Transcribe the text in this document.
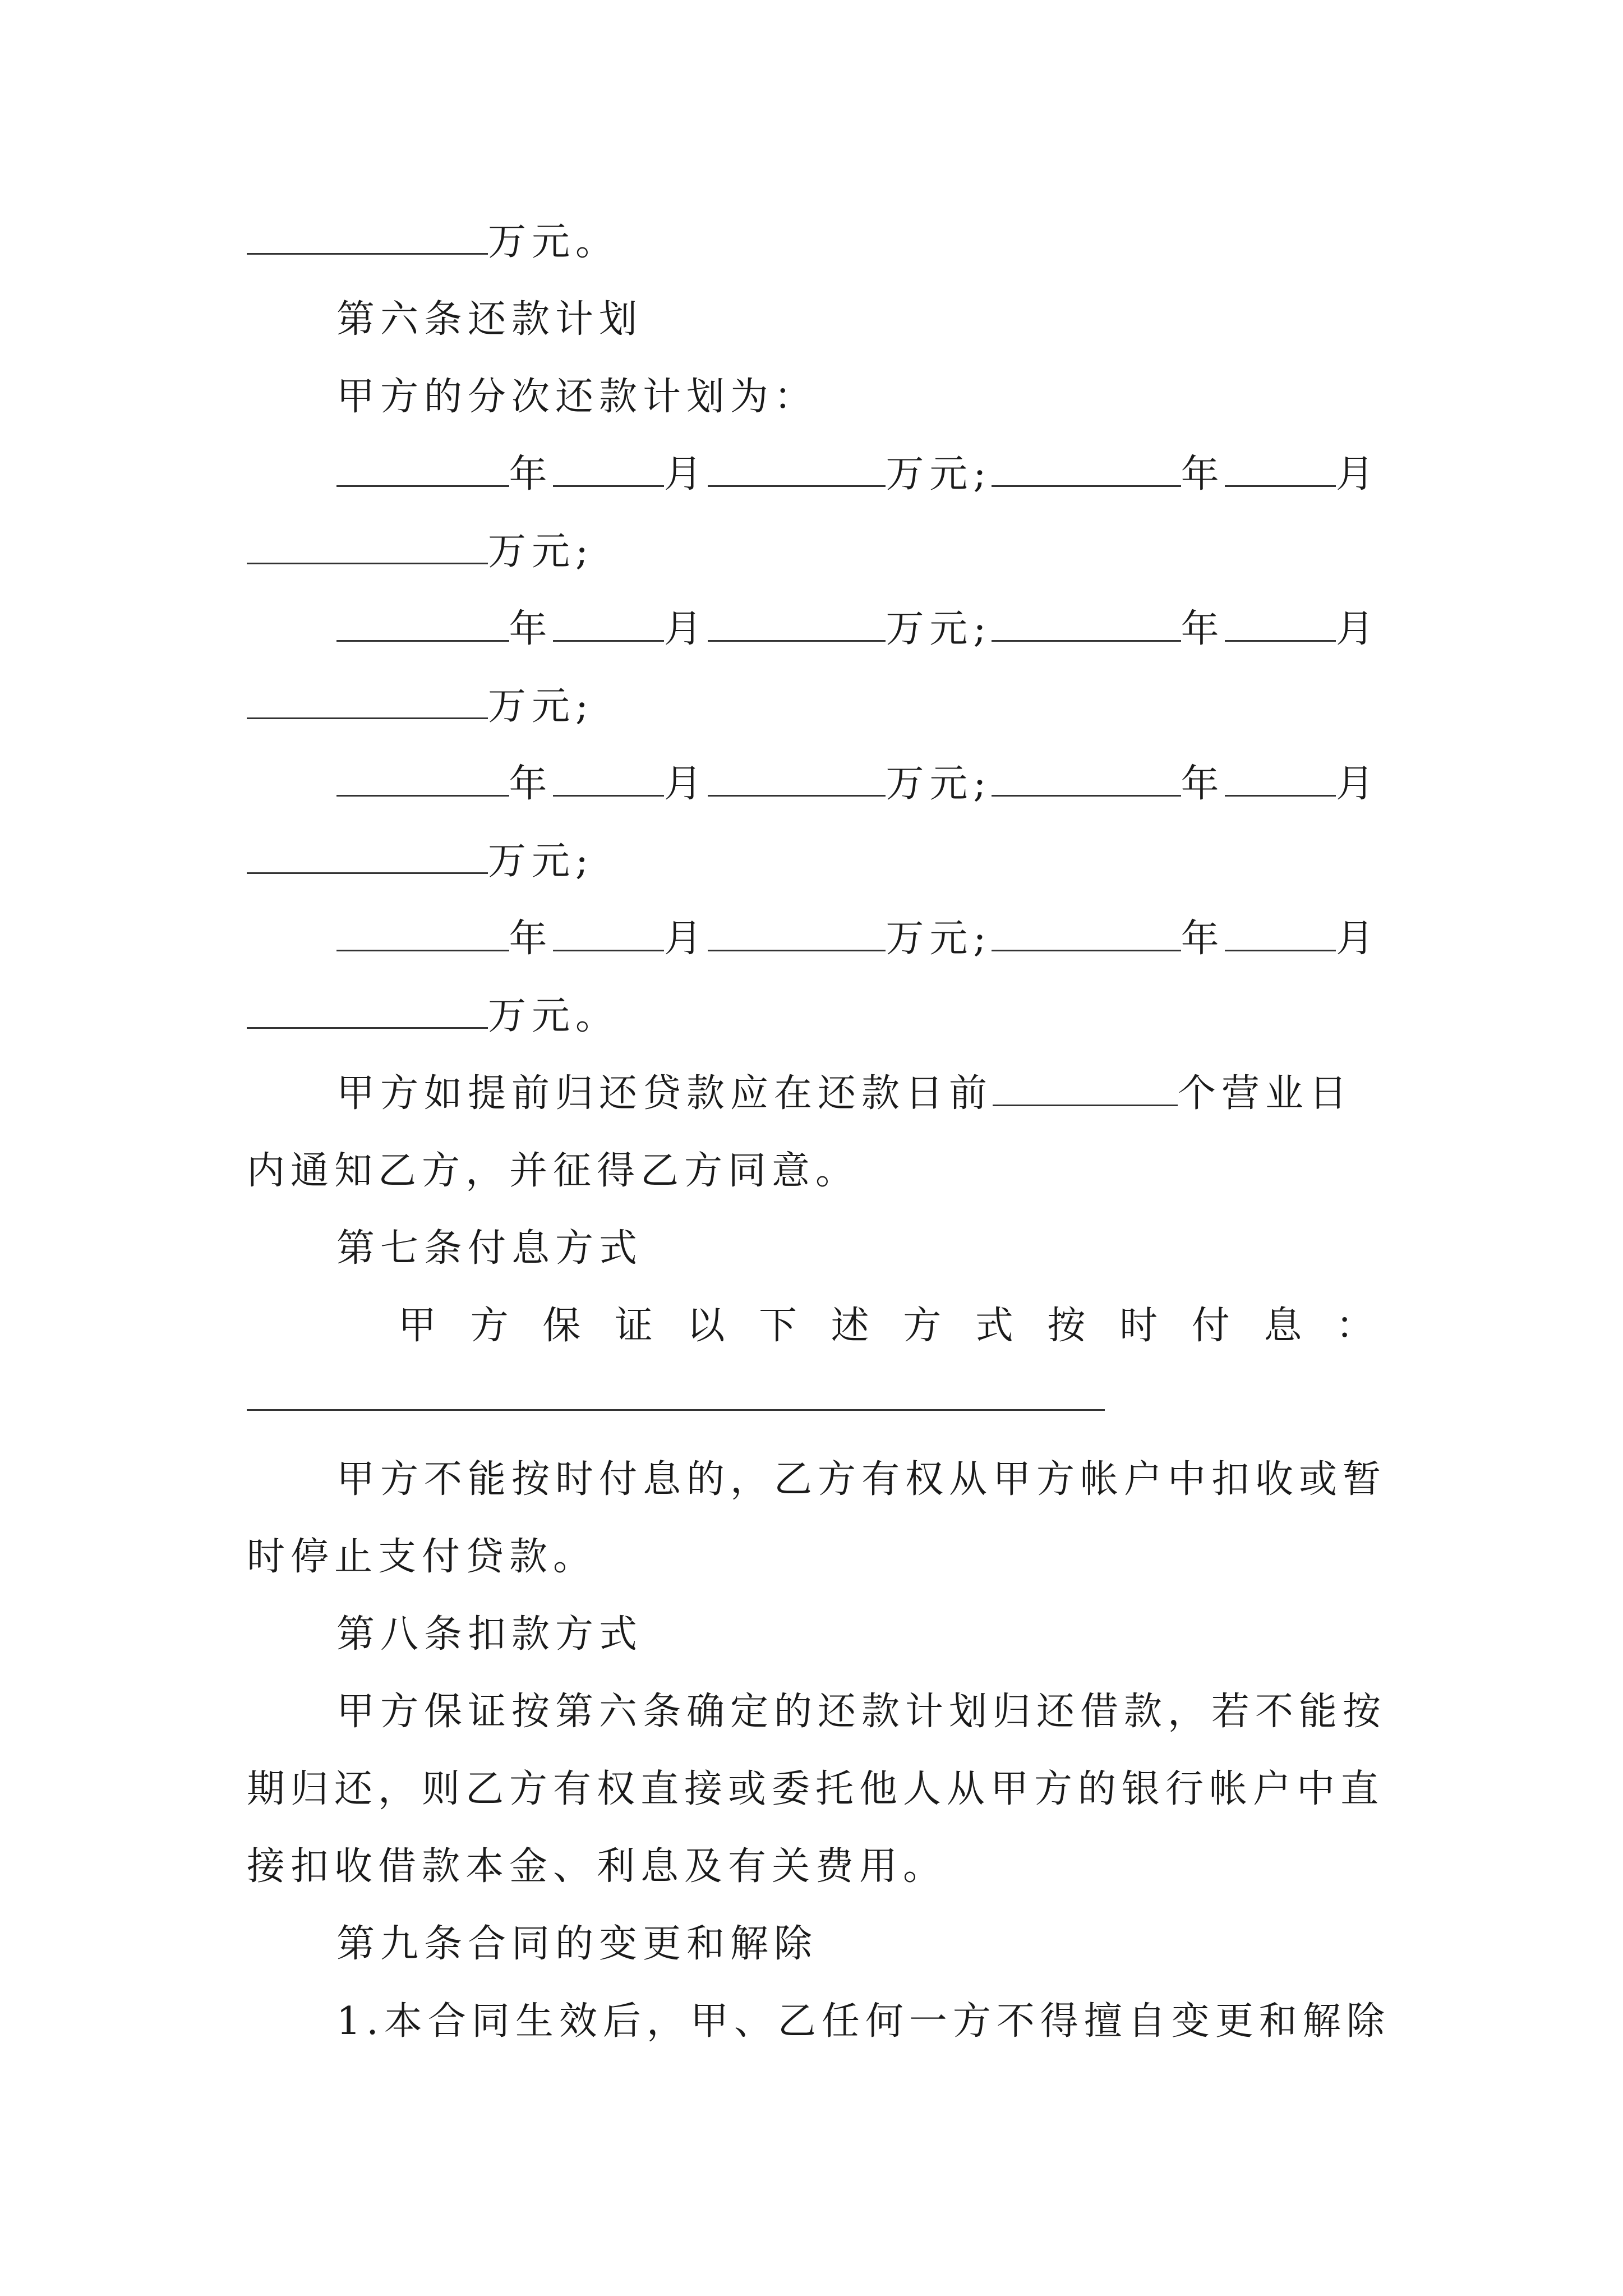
万元。
第六条还款计划
甲方的分次还款计划为：
年	月	万元;	年	月
万元;
年	月	万元;	年	月
万元;
年	月	万元;	年	月
万元;
年	月	万元;	年	月
万元。
甲方如提前归还贷款应在还款日前	个营业日
内通知乙方，并征得乙方同意。
第七条付息方式
甲 方 保 证 以 下 述 方 式 按 时 付 息 ：
甲方不能按时付息的，乙方有权从甲方帐户中扣收或暂
时停止支付贷款。
第八条扣款方式
甲方保证按第六条确定的还款计划归还借款，若不能按
期归还，则乙方有权直接或委托他人从甲方的银行帐户中直
接扣收借款本金、利息及有关费用。
第九条合同的变更和解除
1.本合同生效后，甲、乙任何一方不得擅自变更和解除
